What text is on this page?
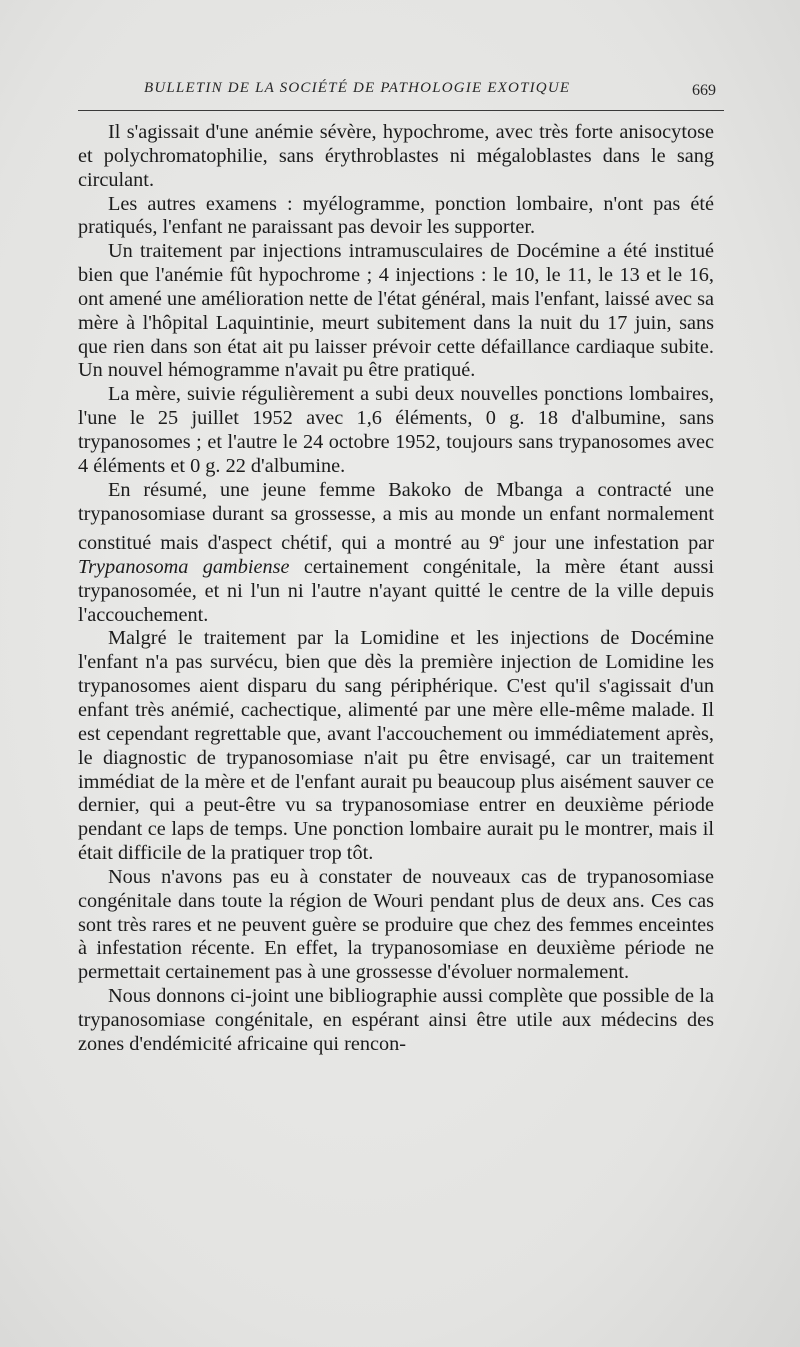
BULLETIN DE LA SOCIÉTÉ DE PATHOLOGIE EXOTIQUE	669

Il s'agissait d'une anémie sévère, hypochrome, avec très forte anisocytose et polychromatophilie, sans érythroblastes ni mégaloblastes dans le sang circulant.

Les autres examens : myélogramme, ponction lombaire, n'ont pas été pratiqués, l'enfant ne paraissant pas devoir les supporter.

Un traitement par injections intramusculaires de Docémine a été institué bien que l'anémie fût hypochrome ; 4 injections : le 10, le 11, le 13 et le 16, ont amené une amélioration nette de l'état général, mais l'enfant, laissé avec sa mère à l'hôpital Laquintinie, meurt subitement dans la nuit du 17 juin, sans que rien dans son état ait pu laisser prévoir cette défaillance cardiaque subite. Un nouvel hémogramme n'avait pu être pratiqué.

La mère, suivie régulièrement a subi deux nouvelles ponctions lombaires, l'une le 25 juillet 1952 avec 1,6 éléments, 0 g. 18 d'albumine, sans trypanosomes ; et l'autre le 24 octobre 1952, toujours sans trypanosomes avec 4 éléments et 0 g. 22 d'albumine.

En résumé, une jeune femme Bakoko de Mbanga a contracté une trypanosomiase durant sa grossesse, a mis au monde un enfant normalement constitué mais d'aspect chétif, qui a montré au 9e jour une infestation par Trypanosoma gambiense certainement congénitale, la mère étant aussi trypanosomée, et ni l'un ni l'autre n'ayant quitté le centre de la ville depuis l'accouchement.

Malgré le traitement par la Lomidine et les injections de Docémine l'enfant n'a pas survécu, bien que dès la première injection de Lomidine les trypanosomes aient disparu du sang périphérique. C'est qu'il s'agissait d'un enfant très anémié, cachectique, alimenté par une mère elle-même malade. Il est cependant regrettable que, avant l'accouchement ou immédiatement après, le diagnostic de trypanosomiase n'ait pu être envisagé, car un traitement immédiat de la mère et de l'enfant aurait pu beaucoup plus aisément sauver ce dernier, qui a peut-être vu sa trypanosomiase entrer en deuxième période pendant ce laps de temps. Une ponction lombaire aurait pu le montrer, mais il était difficile de la pratiquer trop tôt.

Nous n'avons pas eu à constater de nouveaux cas de trypanosomiase congénitale dans toute la région de Wouri pendant plus de deux ans. Ces cas sont très rares et ne peuvent guère se produire que chez des femmes enceintes à infestation récente. En effet, la trypanosomiase en deuxième période ne permettait certainement pas à une grossesse d'évoluer normalement.

Nous donnons ci-joint une bibliographie aussi complète que possible de la trypanosomiase congénitale, en espérant ainsi être utile aux médecins des zones d'endémicité africaine qui rencon-
